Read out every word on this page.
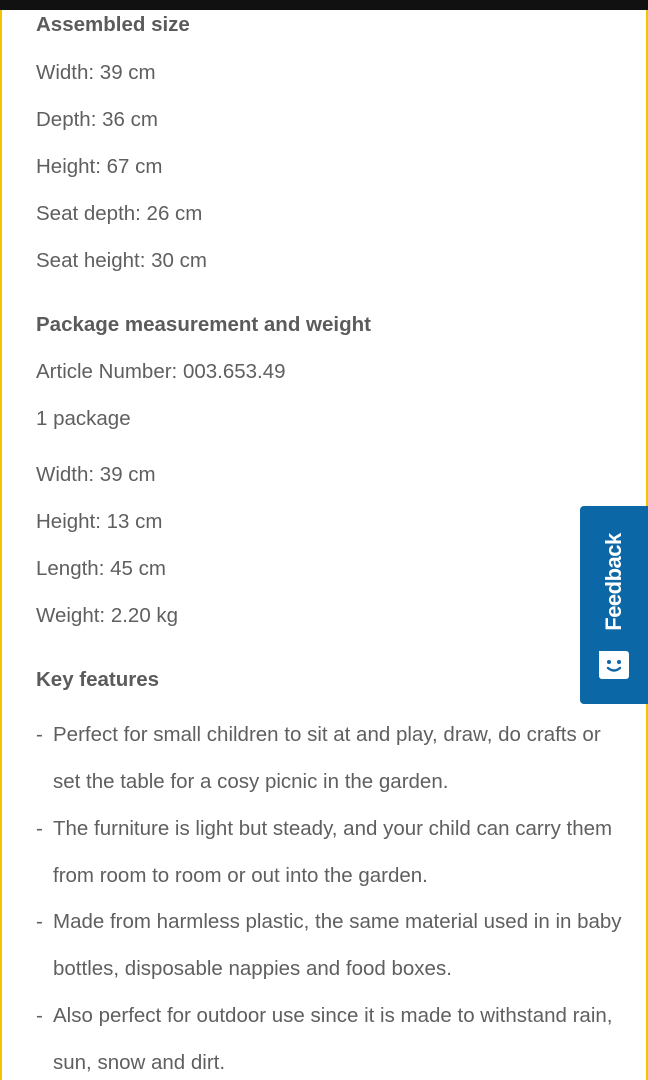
Assembled size
Width: 39 cm
Depth: 36 cm
Height: 67 cm
Seat depth: 26 cm
Seat height: 30 cm
Package measurement and weight
Article Number: 003.653.49
1 package
Width: 39 cm
Height: 13 cm
Length: 45 cm
Weight: 2.20 kg
Key features
- Perfect for small children to sit at and play, draw, do crafts or set the table for a cosy picnic in the garden.
- The furniture is light but steady, and your child can carry them from room to room or out into the garden.
- Made from harmless plastic, the same material used in in baby bottles, disposable nappies and food boxes.
- Also perfect for outdoor use since it is made to withstand rain, sun, snow and dirt.
Feedback
